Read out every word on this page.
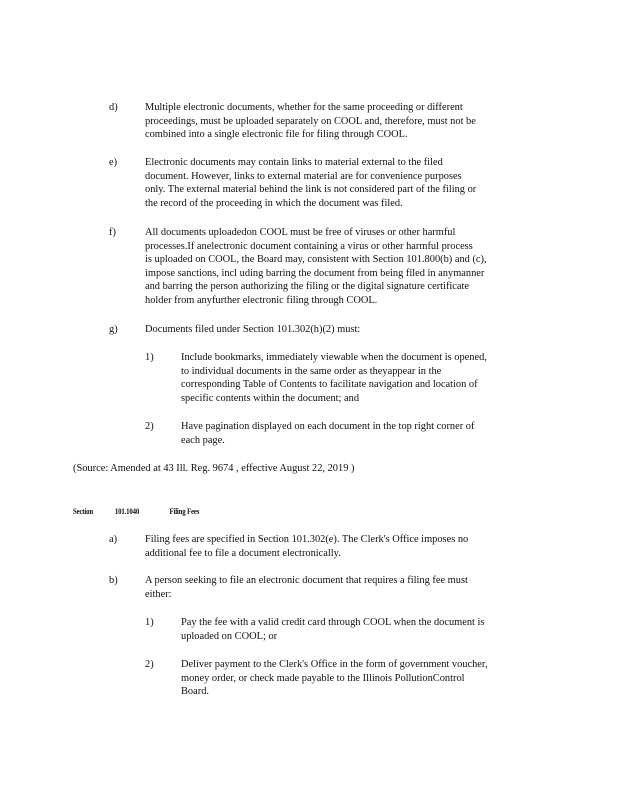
d)	Multiple electronic documents, whether for the same proceeding or different
proceedings, must be uploaded separately on COOL and, therefore, must not be
combined into a single electronic file for filing through COOL.
e)	Electronic documents may contain links to material external to the filed
document. However, links to external material are for convenience purposes
only. The external material behind the link is not considered part of the filing or
the record of the proceeding in which the document was filed.
f)	All documents uploadedon COOL must be free of viruses or other harmful
processes.If anelectronic document containing a virus or other harmful process
is uploaded on COOL, the Board may, consistent with Section 101.800(b) and (c),
impose sanctions, incl uding barring the document from being filed in anymanner
and barring the person authorizing the filing or the digital signature certificate
holder from anyfurther electronic filing through COOL.
g)	Documents filed under Section 101.302(h)(2) must:
1)	Include bookmarks, immediately viewable when the document is opened,
to individual documents in the same order as theyappear in the
corresponding Table of Contents to facilitate navigation and location of
specific contents within the document; and
2)	Have pagination displayed on each document in the top right corner of
each page.
(Source: Amended at 43 Ill. Reg. 9674 , effective August 22, 2019 )
Section	101.1040	Filing Fees
a)	Filing fees are specified in Section 101.302(e). The Clerk's Office imposes no
additional fee to file a document electronically.
b)	A person seeking to file an electronic document that requires a filing fee must
either:
1)	Pay the fee with a valid credit card through COOL when the document is
uploaded on COOL; or
2)	Deliver payment to the Clerk's Office in the form of government voucher,
money order, or check made payable to the Illinois PollutionControl
Board.
